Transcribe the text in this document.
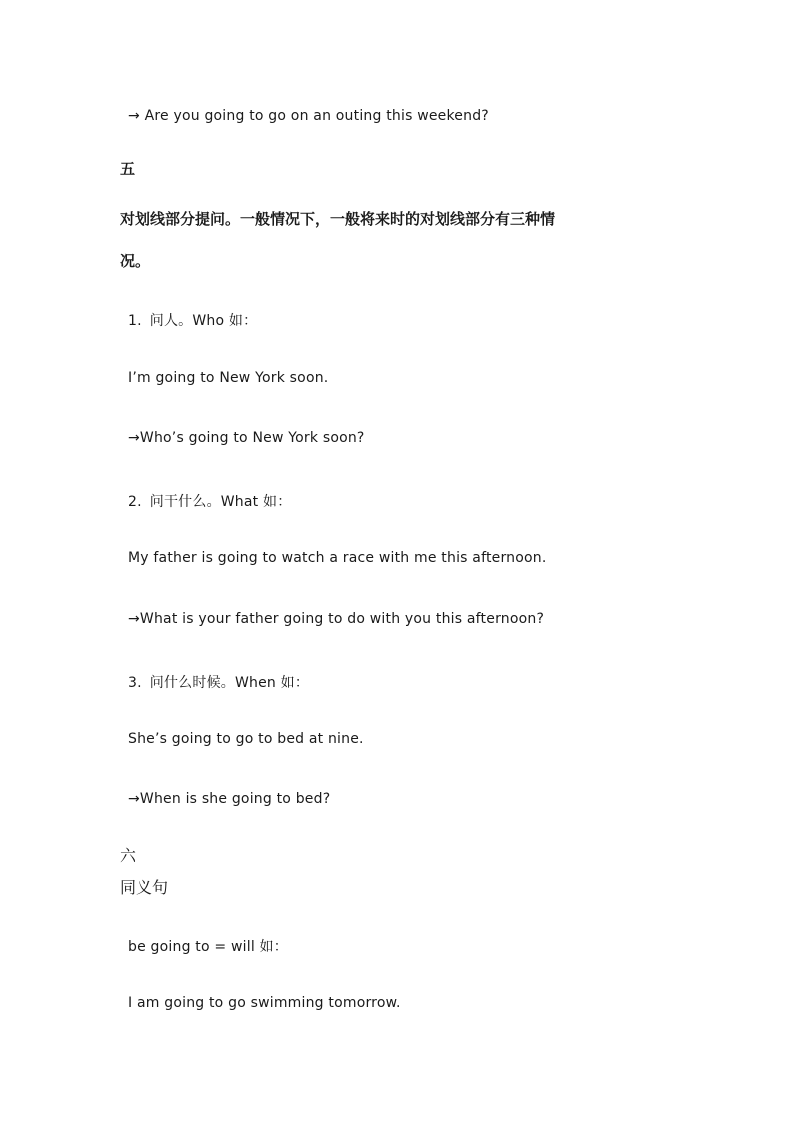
→ Are you going to go on an outing this weekend?
五
对划线部分提问。一般情况下，一般将来时的对划线部分有三种情
况。
1. 问人。Who 如：
I’m going to New York soon.
→Who’s going to New York soon?
2. 问干什么。What 如：
My father is going to watch a race with me this afternoon.
→What is your father going to do with you this afternoon?
3. 问什么时候。When 如：
She’s going to go to bed at nine.
→When is she going to bed?
六
同义句
be going to = will 如：
I am going to go swimming tomorrow.
